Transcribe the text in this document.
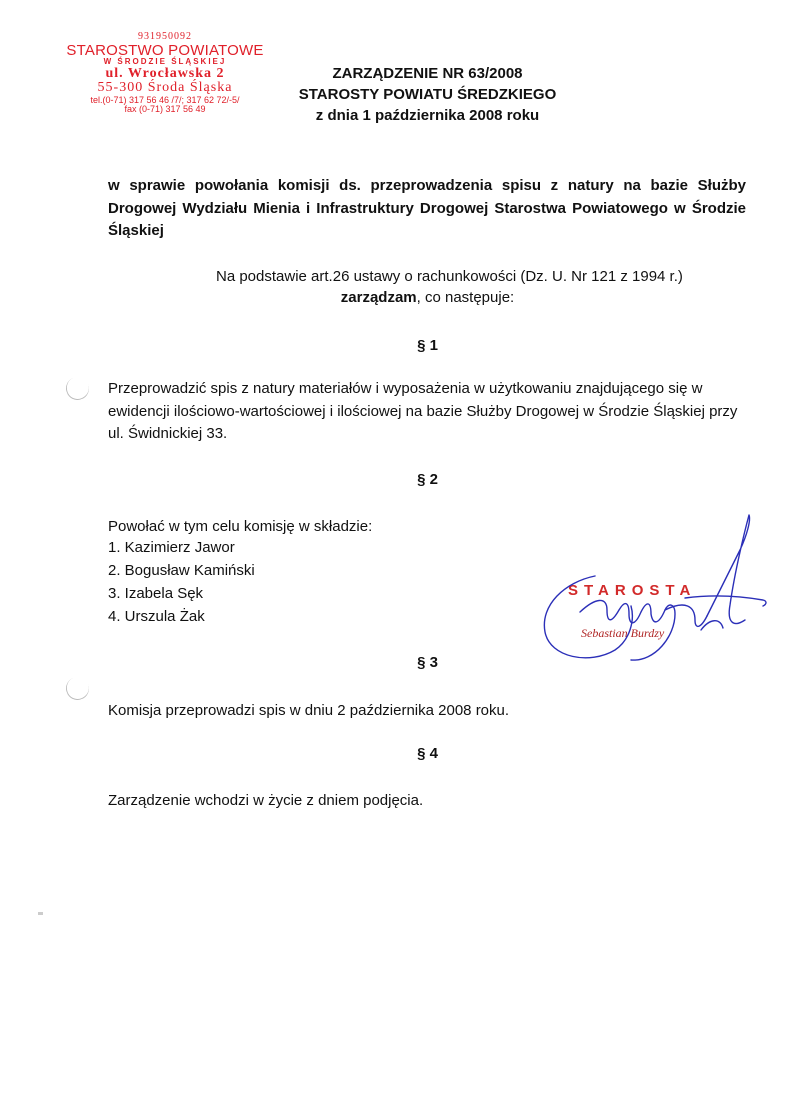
931950092
STAROSTWO POWIATOWE
W ŚRODZIE ŚLĄSKIEJ
ul. Wrocławska 2
55-300 Środa Śląska
tel.(0-71) 317 56 46 /7/; 317 62 72/-5/
fax (0-71) 317 56 49
ZARZĄDZENIE NR 63/2008
STAROSTY POWIATU ŚREDZKIEGO
z dnia 1 października 2008 roku
w sprawie powołania komisji ds. przeprowadzenia spisu z natury na bazie Służby Drogowej Wydziału Mienia i Infrastruktury Drogowej Starostwa Powiatowego w Środzie Śląskiej
Na podstawie art.26 ustawy o rachunkowości (Dz. U. Nr 121 z 1994 r.)
zarządzam, co następuje:
§ 1
Przeprowadzić spis z natury materiałów i wyposażenia w użytkowaniu znajdującego się w ewidencji ilościowo-wartościowej i ilościowej na bazie Służby Drogowej w Środzie Śląskiej przy ul. Świdnickiej 33.
§ 2
Powołać w tym celu komisję w składzie:
1. Kazimierz Jawor
2. Bogusław Kamiński
3. Izabela Sęk
4. Urszula Żak
§ 3
Komisja przeprowadzi spis w dniu 2 października 2008 roku.
§ 4
Zarządzenie wchodzi w życie z dniem podjęcia.
STAROSTA
Sebastian Burdzy
